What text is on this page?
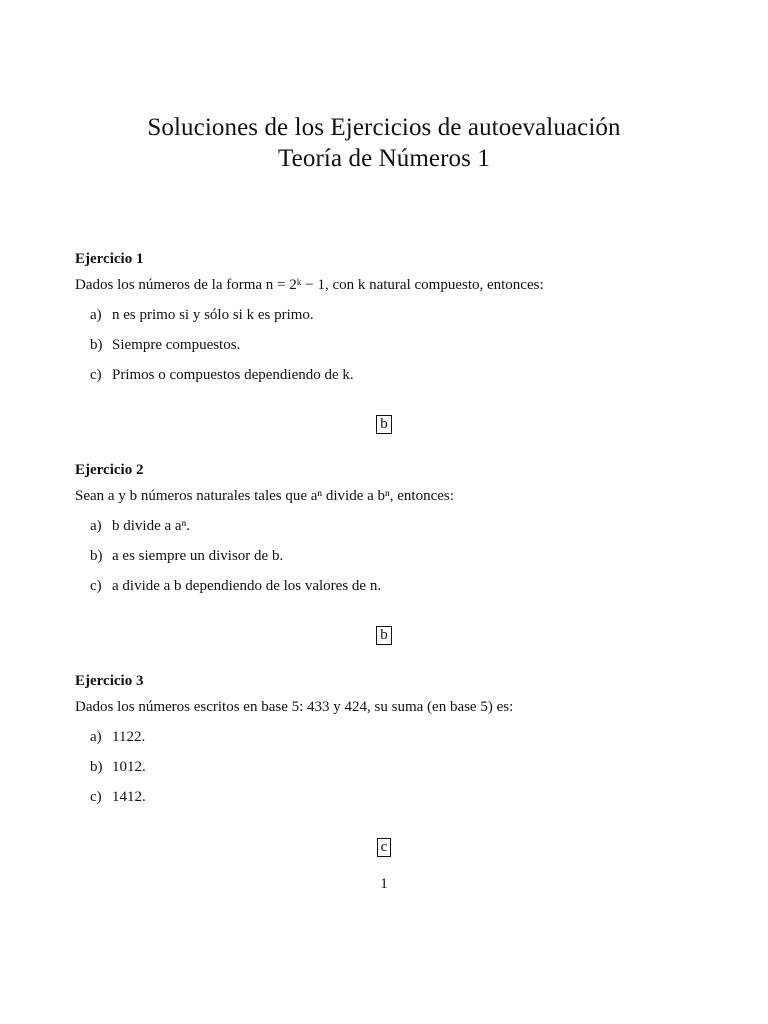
Soluciones de los Ejercicios de autoevaluación
Teoría de Números 1
Ejercicio 1
Dados los números de la forma n = 2ᵏ − 1, con k natural compuesto, entonces:
a) n es primo si y sólo si k es primo.
b) Siempre compuestos.
c) Primos o compuestos dependiendo de k.
b
Ejercicio 2
Sean a y b números naturales tales que aⁿ divide a bⁿ, entonces:
a) b divide a aⁿ.
b) a es siempre un divisor de b.
c) a divide a b dependiendo de los valores de n.
b
Ejercicio 3
Dados los números escritos en base 5: 433 y 424, su suma (en base 5) es:
a) 1122.
b) 1012.
c) 1412.
c
1
